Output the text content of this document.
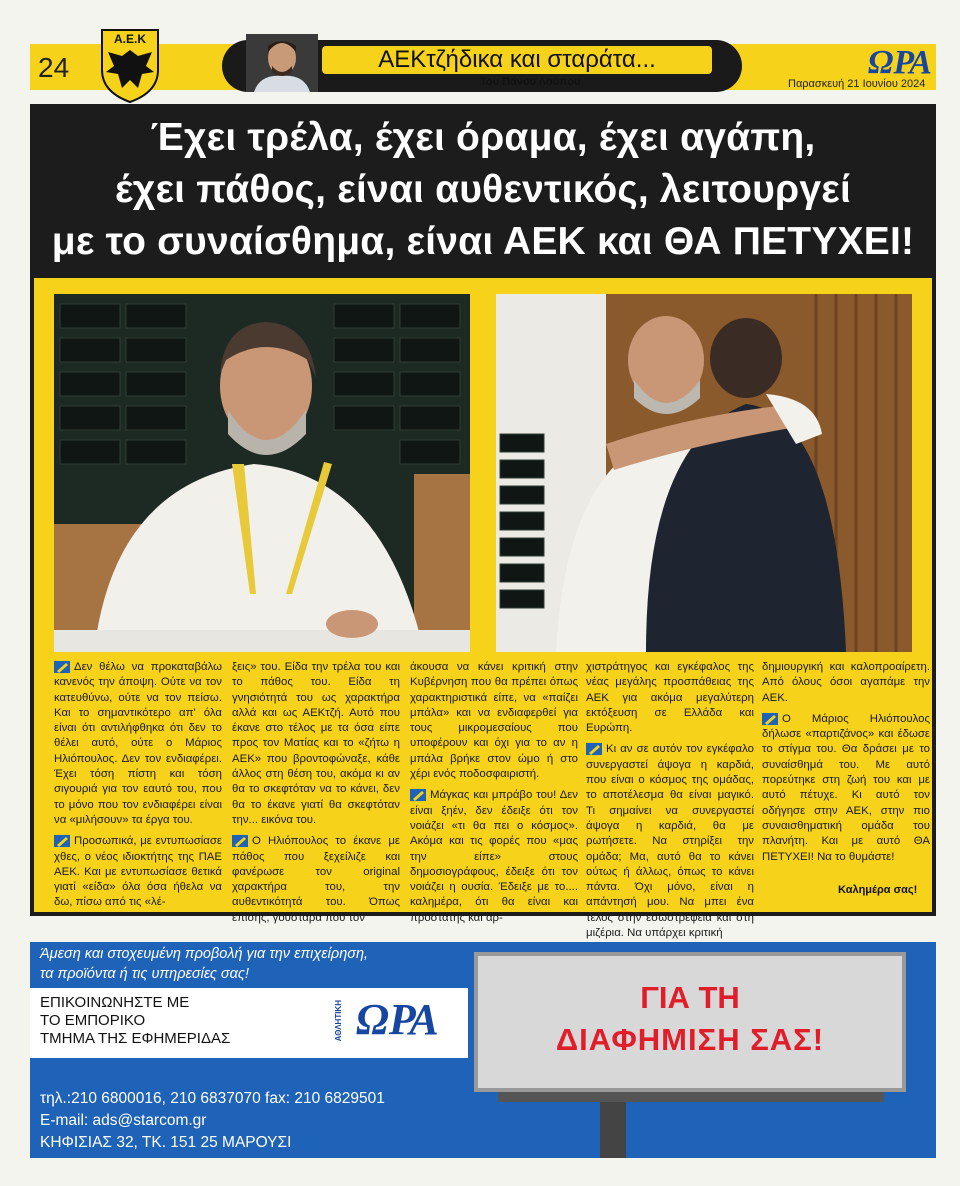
24
Α.Ε.Κ
ΑΕΚτζήδικα και σταράτα...
Του Πάνου Λούπου
ΩΡΑ
Παρασκευή 21 Ιουνίου 2024
Έχει τρέλα, έχει όραμα, έχει αγάπη,
έχει πάθος, είναι αυθεντικός, λειτουργεί
με το συναίσθημα, είναι ΑΕΚ και ΘΑ ΠΕΤΥΧΕΙ!

Δεν θέλω να προκαταβάλω κανενός την άποψη. Ούτε να τον κατευθύνω, ούτε να τον πείσω. Και το σημαντικότερο απ' όλα είναι ότι αντιλήφθηκα ότι δεν το θέλει αυτό, ούτε ο Μάριος Ηλιόπουλος. Δεν τον ενδιαφέρει. Έχει τόση πίστη και τόση σιγουριά για τον εαυτό του, που το μόνο που τον ενδιαφέρει είναι να «μιλήσουν» τα έργα του.

Προσωπικά, με εντυπωσίασε χθες, ο νέος ιδιοκτήτης της ΠΑΕ ΑΕΚ. Και με εντυπωσίασε θετικά γιατί «είδα» όλα όσα ήθελα να δω, πίσω από τις «λέ-

ξεις» του. Είδα την τρέλα του και το πάθος του. Είδα τη γνησιότητά του ως χαρακτήρα αλλά και ως ΑΕΚτζή. Αυτό που έκανε στο τέλος με τα όσα είπε προς τον Ματίας και το «ζήτω η ΑΕΚ» που βροντοφώναξε, κάθε άλλος στη θέση του, ακόμα κι αν θα το σκεφτόταν να το κάνει, δεν θα το έκανε γιατί θα σκεφτόταν την... εικόνα του.

Ο Ηλιόπουλος το έκανε με πάθος που ξεχείλιζε και φανέρωσε τον original χαρακτήρα του, την αυθεντικότητά του. Όπως επίσης, γούσταρα που τον

άκουσα να κάνει κριτική στην Κυβέρνηση που θα πρέπει όπως χαρακτηριστικά είπε, να «παίζει μπάλα» και να ενδιαφερθεί για τους μικρομεσαίους που υποφέρουν και όχι για το αν η μπάλα βρήκε στον ώμο ή στο χέρι ενός ποδοσφαιριστή.

Μάγκας και μπράβο του! Δεν είναι ξηέν, δεν έδειξε ότι τον νοιάζει «τι θα πει ο κόσμος». Ακόμα και τις φορές που «μας την είπε» στους δημοσιογράφους, έδειξε ότι τον νοιάζει η ουσία. Έδειξε με το.... καλημέρα, ότι θα είναι και προστάτης και αρ-

χιστράτηγος και εγκέφαλος της νέας μεγάλης προσπάθειας της ΑΕΚ για ακόμα μεγαλύτερη εκτόξευση σε Ελλάδα και Ευρώπη.

Κι αν σε αυτόν τον εγκέφαλο συνεργαστεί άψογα η καρδιά, που είναι ο κόσμος της ομάδας, το αποτέλεσμα θα είναι μαγικό. Τι σημαίνει να συνεργαστεί άψογα η καρδιά, θα με ρωτήσετε. Να στηρίξει την ομάδα; Μα, αυτό θα το κάνει ούτως ή άλλως, όπως το κάνει πάντα. Όχι μόνο, είναι η απάντησή μου. Να μπει ένα τέλος στην εσωστρέφεια και στη μιζέρια. Να υπάρχει κριτική

δημιουργική και καλοπροαίρετη. Από όλους όσοι αγαπάμε την ΑΕΚ.

Ο Μάριος Ηλιόπουλος δήλωσε «παρτιζάνος» και έδωσε το στίγμα του. Θα δράσει με το συναίσθημά του. Με αυτό πορεύτηκε στη ζωή του και με αυτό πέτυχε. Κι αυτό τον οδήγησε στην ΑΕΚ, στην πιο συναισθηματική ομάδα του πλανήτη. Και με αυτό ΘΑ ΠΕΤΥΧΕΙ! Να το θυμάστε!

Καλημέρα σας!
Άμεση και στοχευμένη προβολή για την επιχείρηση,
τα προϊόντα ή τις υπηρεσίες σας!
ΕΠΙΚΟΙΝΩΝΗΣΤΕ ΜΕ
ΤΟ ΕΜΠΟΡΙΚΟ
ΤΜΗΜΑ ΤΗΣ ΕΦΗΜΕΡΙΔΑΣ	ΑΘΛΗΤΙΚΗ ΩΡΑ
τηλ.:210 6800016, 210 6837070 fax: 210 6829501
E-mail: ads@starcom.gr
ΚΗΦΙΣΙΑΣ 32, ΤΚ. 151 25 ΜΑΡΟΥΣΙ
ΓΙΑ ΤΗ
ΔΙΑΦΗΜΙΣΗ ΣΑΣ!
